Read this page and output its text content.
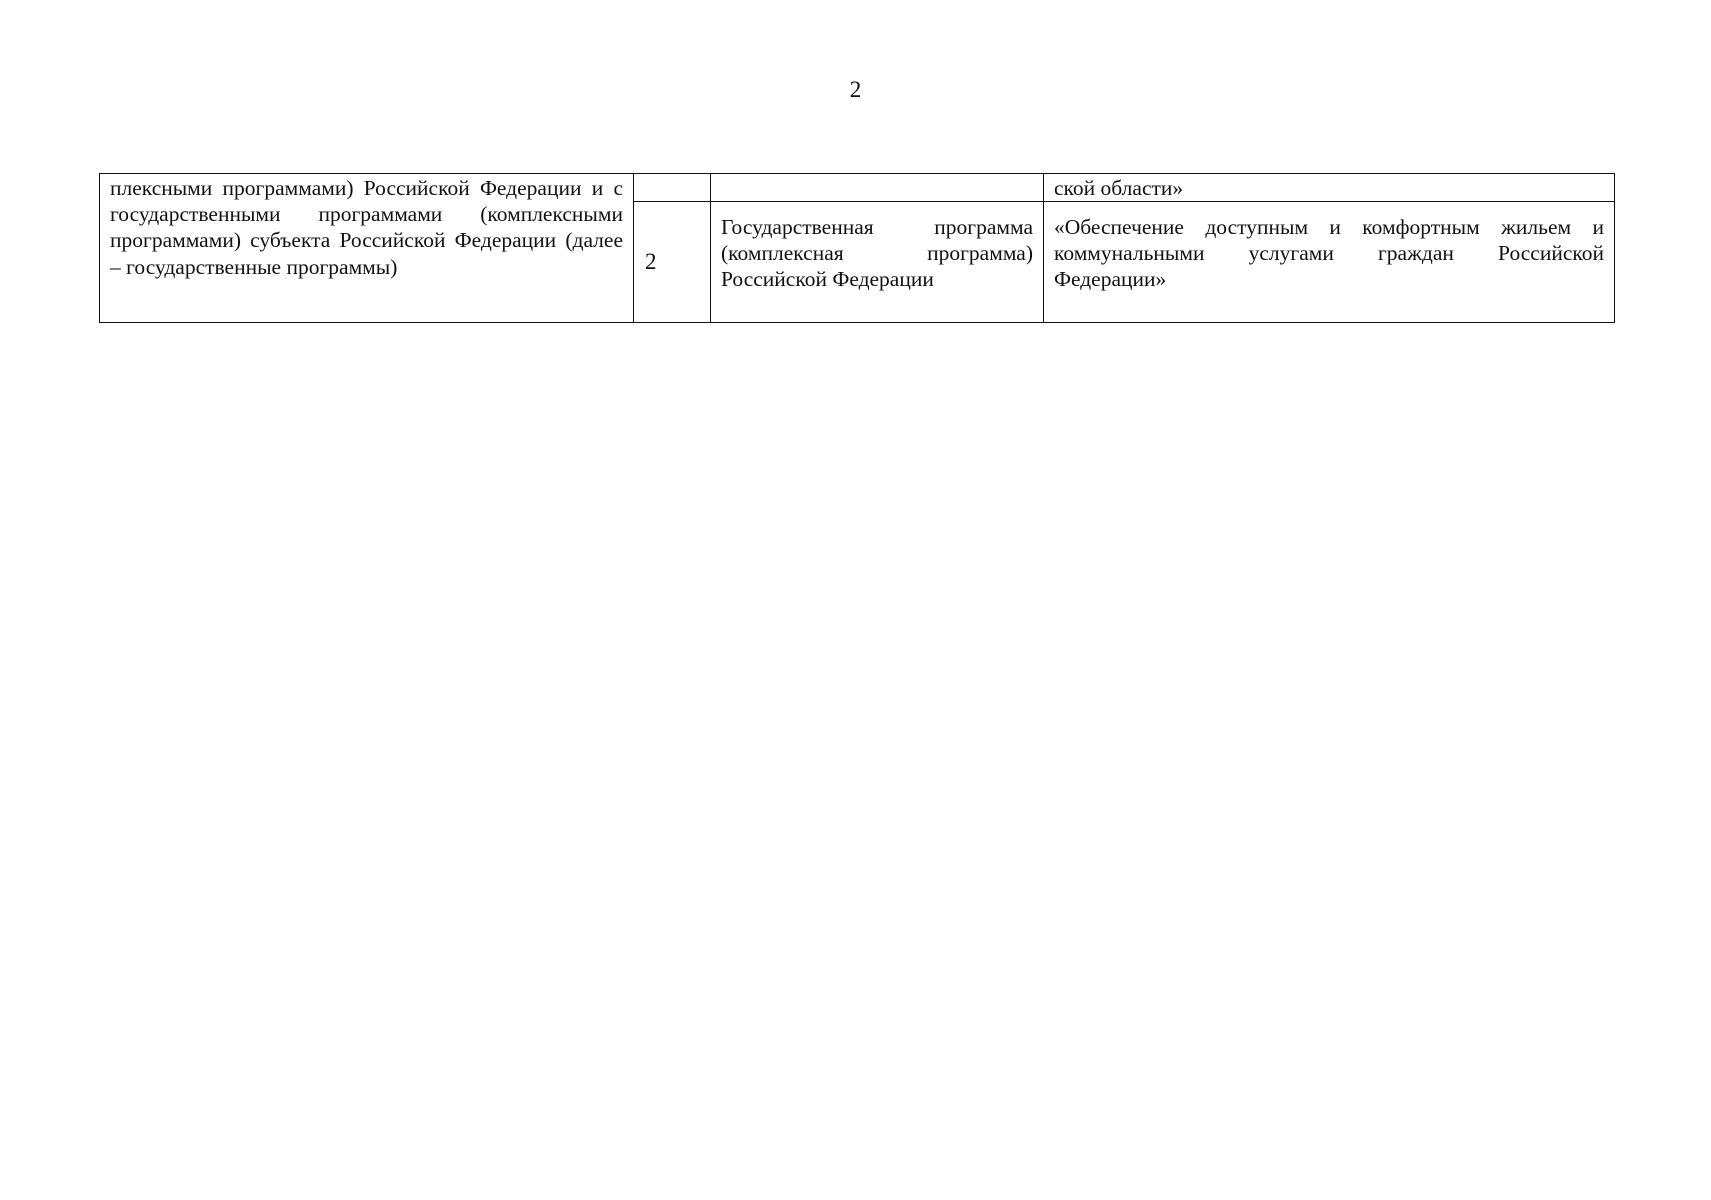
2
плексными программами) Российской Федерации и с государственными программами (комплексными программами) субъекта Российской Федерации (далее – государственные программы)			ской области»
	2	Государственная программа (комплексная программа) Российской Федерации	«Обеспечение доступным и комфортным жильем и коммунальными услугами граждан Российской Федерации»
